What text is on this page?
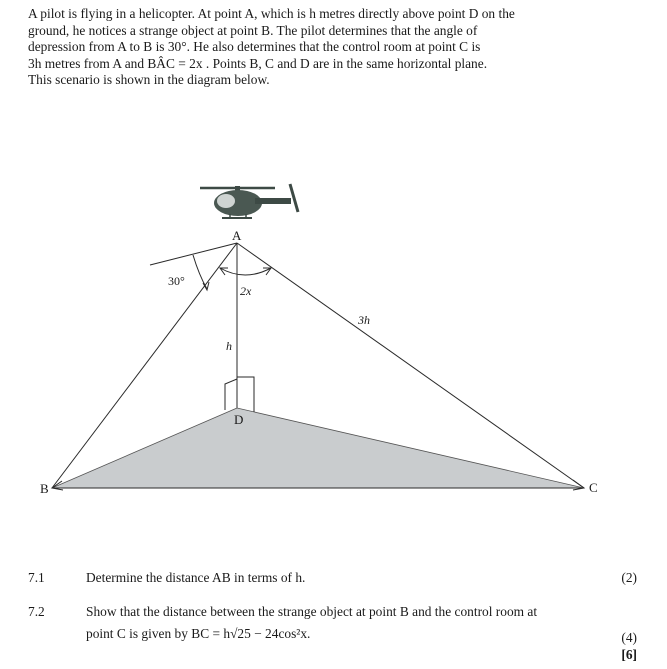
A pilot is flying in a helicopter. At point A, which is h metres directly above point D on the

ground, he notices a strange object at point B. The pilot determines that the angle of

depression from A to B is 30°. He also determines that the control room at point C is

3h metres from A and BÂC = 2x . Points B, C and D are in the same horizontal plane.

This scenario is shown in the diagram below.

A
B	C
D
30°
2x
h
3h
7.1	Determine the distance AB in terms of h.	(2)
7.2	Show that the distance between the strange object at point B and the control room at
point C is given by BC = h√25 − 24cos²x.	(4)
[6]
